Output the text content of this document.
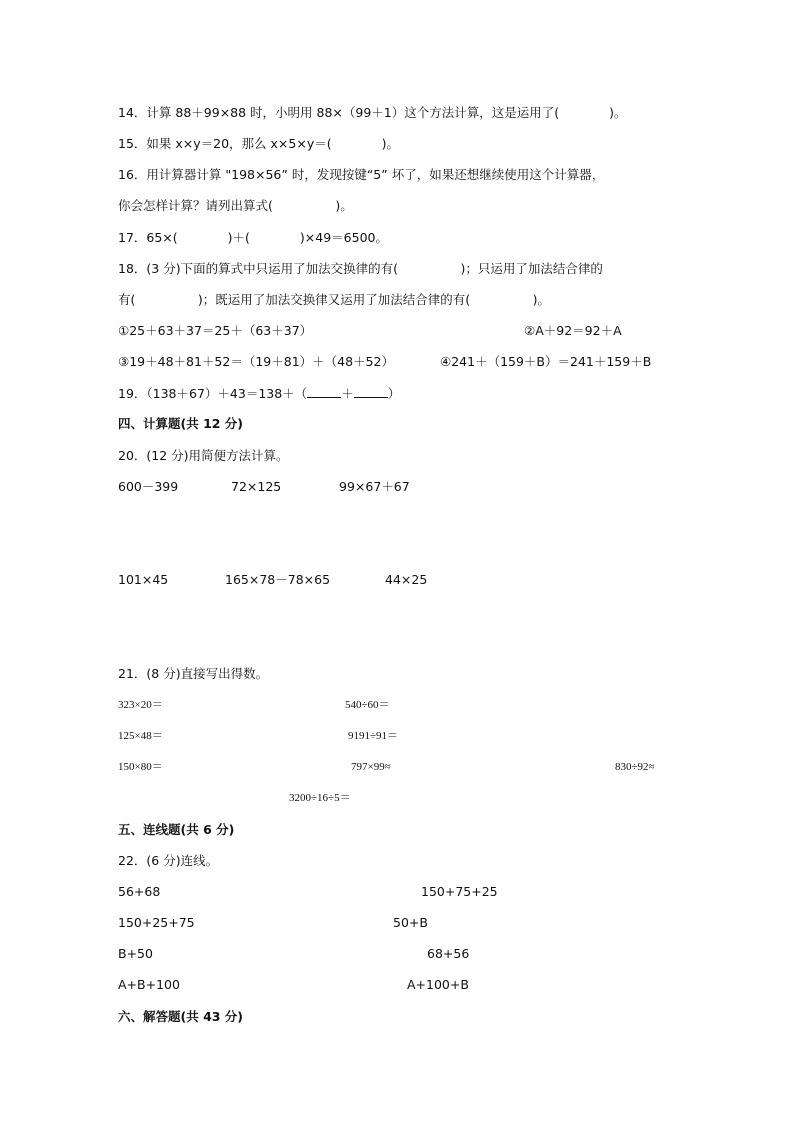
14．计算 88＋99×88 时，小明用 88×（99＋1）这个方法计算，这是运用了(　　　　)。
15．如果 x×y＝20，那么 x×5×y＝(　　　　)。
16．用计算器计算 "198×56” 时，发现按键“5” 坏了，如果还想继续使用这个计算器，
你会怎样计算？请列出算式(　　　　　)。
17．65×(　　　　)＋(　　　　)×49＝6500。
18．(3 分)下面的算式中只运用了加法交换律的有(　　　　　)；只运用了加法结合律的
有(　　　　　)；既运用了加法交换律又运用了加法结合律的有(　　　　　)。
①25＋63＋37＝25＋（63＋37）	②A＋92＝92＋A
③19＋48＋81＋52＝（19＋81）＋（48＋52）	④241＋（159＋B）＝241＋159＋B
19．（138＋67）＋43＝138＋（	＋	）
四、计算题(共 12 分)
20．(12 分)用简便方法计算。
600－399	72×125	99×67＋67
101×45	165×78－78×65	44×25
21．(8 分)直接写出得数。
323×20＝	540÷60＝
125×48＝	9191÷91＝
150×80＝	797×99≈	830÷92≈
3200÷16÷5＝
五、连线题(共 6 分)
22．(6 分)连线。
56+68	150+75+25
150+25+75	50+B
B+50	68+56
A+B+100	A+100+B
六、解答题(共 43 分)
